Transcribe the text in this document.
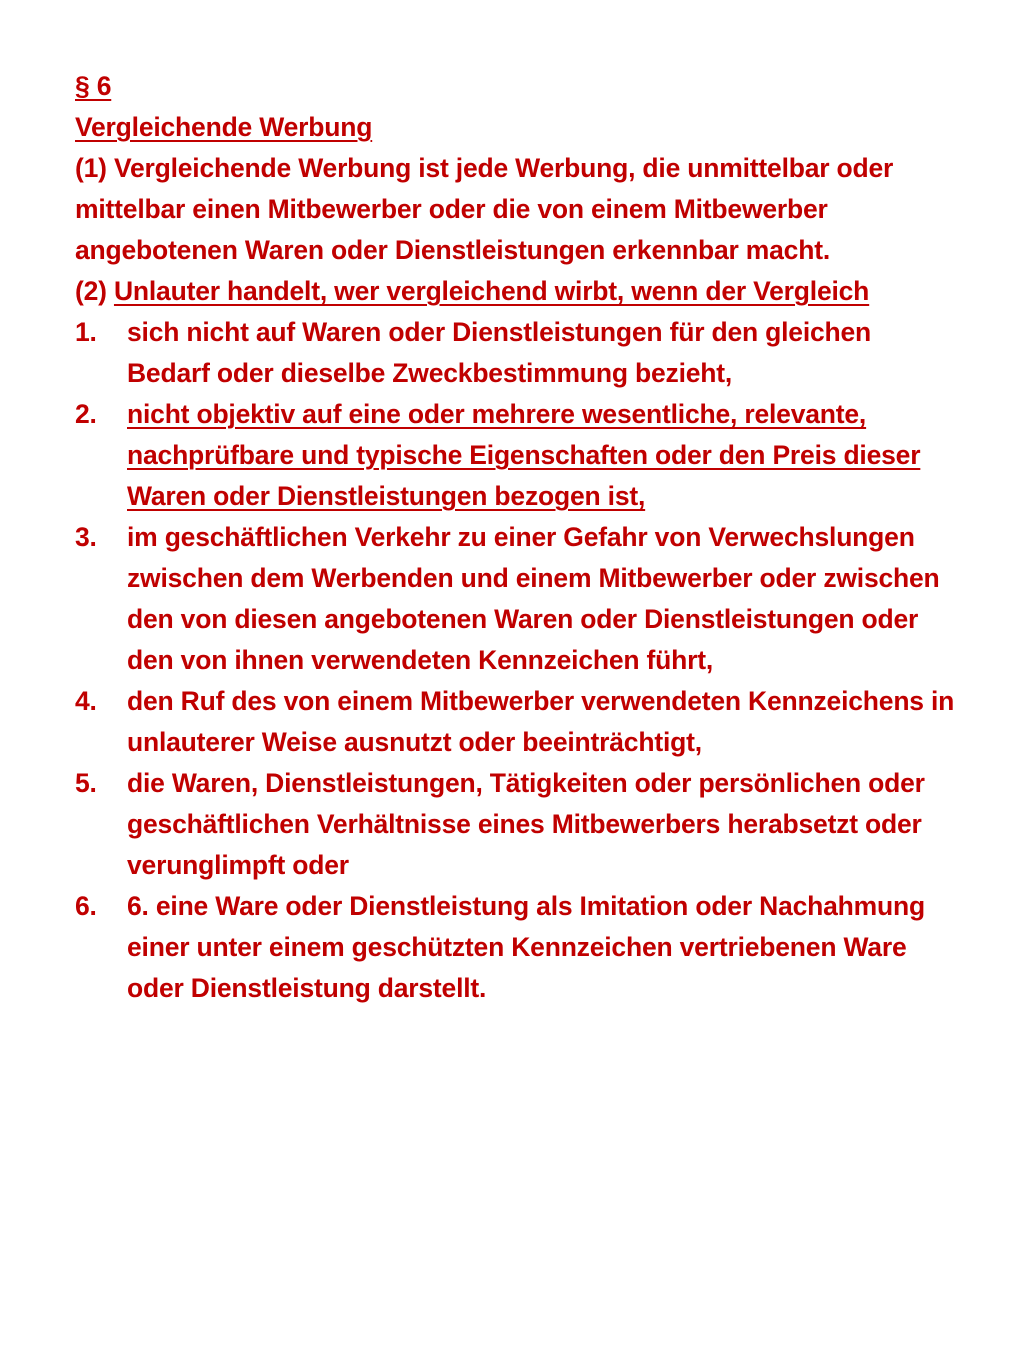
§ 6
Vergleichende Werbung
(1) Vergleichende Werbung ist jede Werbung, die unmittelbar oder mittelbar einen Mitbewerber oder die von einem Mitbewerber angebotenen Waren oder Dienstleistungen erkennbar macht.
(2) Unlauter handelt, wer vergleichend wirbt, wenn der Vergleich
1. sich nicht auf Waren oder Dienstleistungen für den gleichen Bedarf oder dieselbe Zweckbestimmung bezieht,
2. nicht objektiv auf eine oder mehrere wesentliche, relevante, nachprüfbare und typische Eigenschaften oder den Preis dieser Waren oder Dienstleistungen bezogen ist,
3. im geschäftlichen Verkehr zu einer Gefahr von Verwechslungen zwischen dem Werbenden und einem Mitbewerber oder zwischen den von diesen angebotenen Waren oder Dienstleistungen oder den von ihnen verwendeten Kennzeichen führt,
4. den Ruf des von einem Mitbewerber verwendeten Kennzeichens in unlauterer Weise ausnutzt oder beeinträchtigt,
5. die Waren, Dienstleistungen, Tätigkeiten oder persönlichen oder geschäftlichen Verhältnisse eines Mitbewerbers herabsetzt oder verunglimpft oder
6. 6. eine Ware oder Dienstleistung als Imitation oder Nachahmung einer unter einem geschützten Kennzeichen vertriebenen Ware oder Dienstleistung darstellt.
